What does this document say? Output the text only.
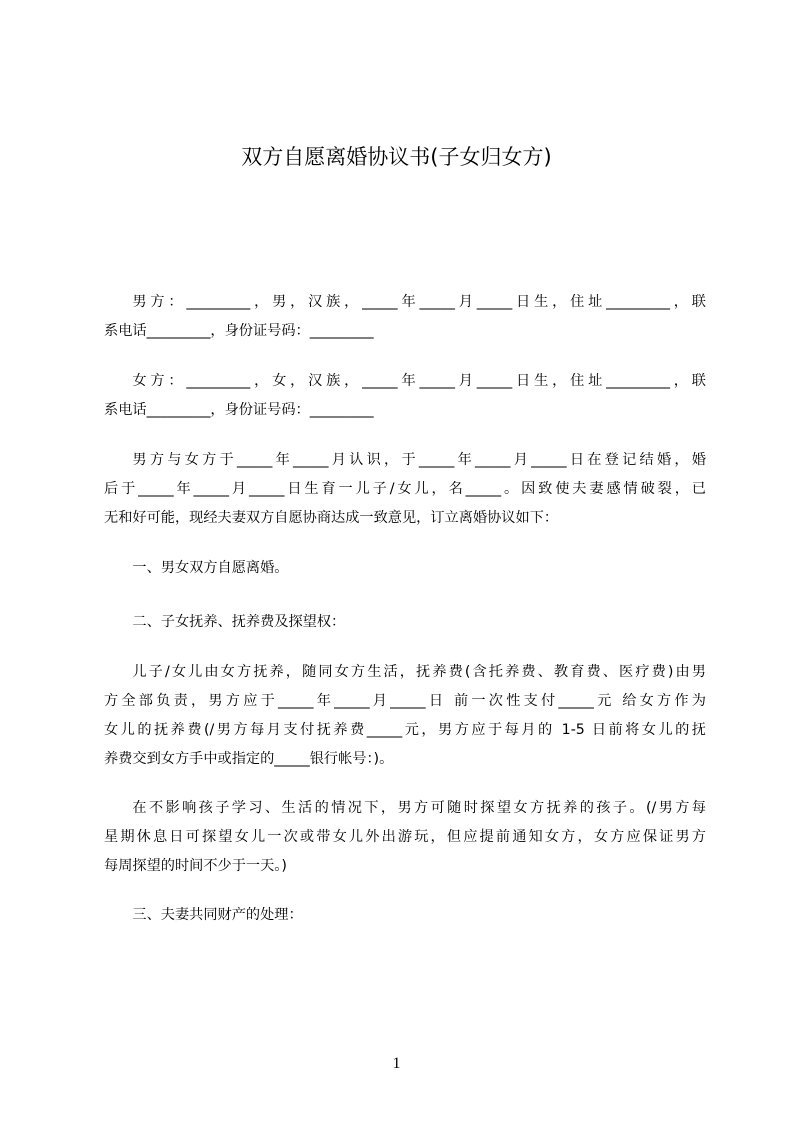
双方自愿离婚协议书(子女归女方)
男方：_________，男，汉族，_____年_____月_____日生，住址_________，联
系电话_________，身份证号码：_________
女方：_________，女，汉族，_____年_____月_____日生，住址_________，联
系电话_________，身份证号码：_________
男方与女方于_____年_____月认识，于_____年_____月_____日在登记结婚，婚
后于_____年_____月_____日生育一儿子/女儿，名_____。因致使夫妻感情破裂，已
无和好可能，现经夫妻双方自愿协商达成一致意见，订立离婚协议如下：
一、男女双方自愿离婚。
二、子女抚养、抚养费及探望权：
儿子/女儿由女方抚养，随同女方生活，抚养费(含托养费、教育费、医疗费)由男
方全部负责，男方应于_____年_____月_____日 前一次性支付_____元 给女方作为
女儿的抚养费(/男方每月支付抚养费_____元，男方应于每月的 1-5 日前将女儿的抚
养费交到女方手中或指定的_____银行帐号：)。
在不影响孩子学习、生活的情况下，男方可随时探望女方抚养的孩子。(/男方每
星期休息日可探望女儿一次或带女儿外出游玩，但应提前通知女方，女方应保证男方
每周探望的时间不少于一天。)
三、夫妻共同财产的处理：
1
